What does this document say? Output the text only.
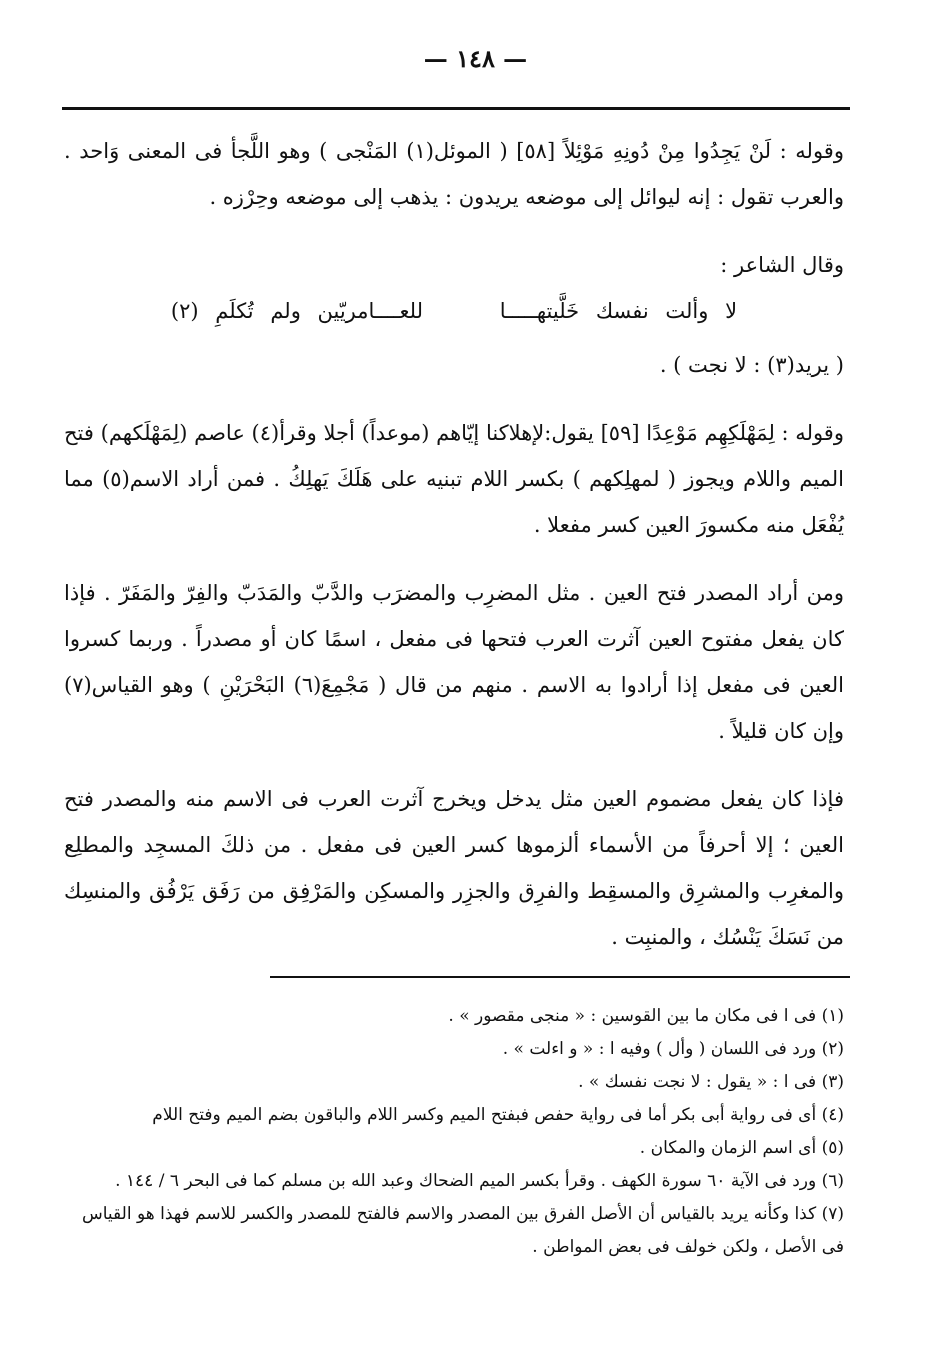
— ١٤٨ —

وقوله : لَنْ يَجِدُوا مِنْ دُونِهِ مَوْئِلاً [٥٨] ( الموئل(١) المَنْجى ) وهو اللَّجأ فى المعنى وَاحد . والعرب تقول : إنه ليوائل إلى موضعه يريدون : يذهب إلى موضعه وحِرْزه .

وقال الشاعر :

لا وألت نفسك خَلَّيتهـــــا للعــــامريّين ولم تُكلَمِ (٢)

( يريد(٣) : لا نجت ) .

وقوله : لِمَهْلَكِهِم مَوْعِدًا [٥٩] يقول:لإهلاكنا إيّاهم (موعداً) أجلا وقرأ(٤) عاصم (لِمَهْلَكهم) فتح الميم واللام ويجوز ( لمهلِكهم ) بكسر اللام تبنيه على هَلَكَ يَهلِكُ . فمن أراد الاسم(٥) مما يُفْعَل منه مكسورَ العين كسر مفعلا .

ومن أراد المصدر فتح العين . مثل المضرِب والمضرَب والدَّبّ والمَدَبّ والفِرّ والمَفَرّ . فإذا كان يفعل مفتوح العين آثرت العرب فتحها فى مفعل ، اسمًا كان أو مصدراً . وربما كسروا العين فى مفعل إذا أرادوا به الاسم . منهم من قال ( مَجْمِعَ(٦) البَحْرَيْنِ ) وهو القياس(٧) وإن كان قليلاً .

فإذا كان يفعل مضموم العين مثل يدخل ويخرج آثرت العرب فى الاسم منه والمصدر فتح العين ؛ إلا أحرفاً من الأسماء ألزموها كسر العين فى مفعل . من ذلكَ المسجِد والمطلِع والمغرِب والمشرِق والمسقِط والفرِق والجزِر والمسكِن والمَرْفِق من رَفَق يَرْفُق والمنسِك من نَسَكَ يَنْسُك ، والمنبِت .

(١) فى ا فى مكان ما بين القوسين : « منجى مقصور » .
(٢) ورد فى اللسان ( وأل ) وفيه ا : « و اءلت » .
(٣) فى ا : « يقول : لا نجت نفسك » .
(٤) أى فى رواية أبى بكر أما فى رواية حفص فبفتح الميم وكسر اللام والباقون بضم الميم وفتح اللام
(٥) أى اسم الزمان والمكان .
(٦) ورد فى الآية ٦٠ سورة الكهف . وقرأ بكسر الميم الضحاك وعبد الله بن مسلم كما فى البحر ٦ / ١٤٤ .
(٧) كذا وكأنه يريد بالقياس أن الأصل الفرق بين المصدر والاسم فالفتح للمصدر والكسر للاسم فهذا هو القياس فى الأصل ، ولكن خولف فى بعض المواطن .
